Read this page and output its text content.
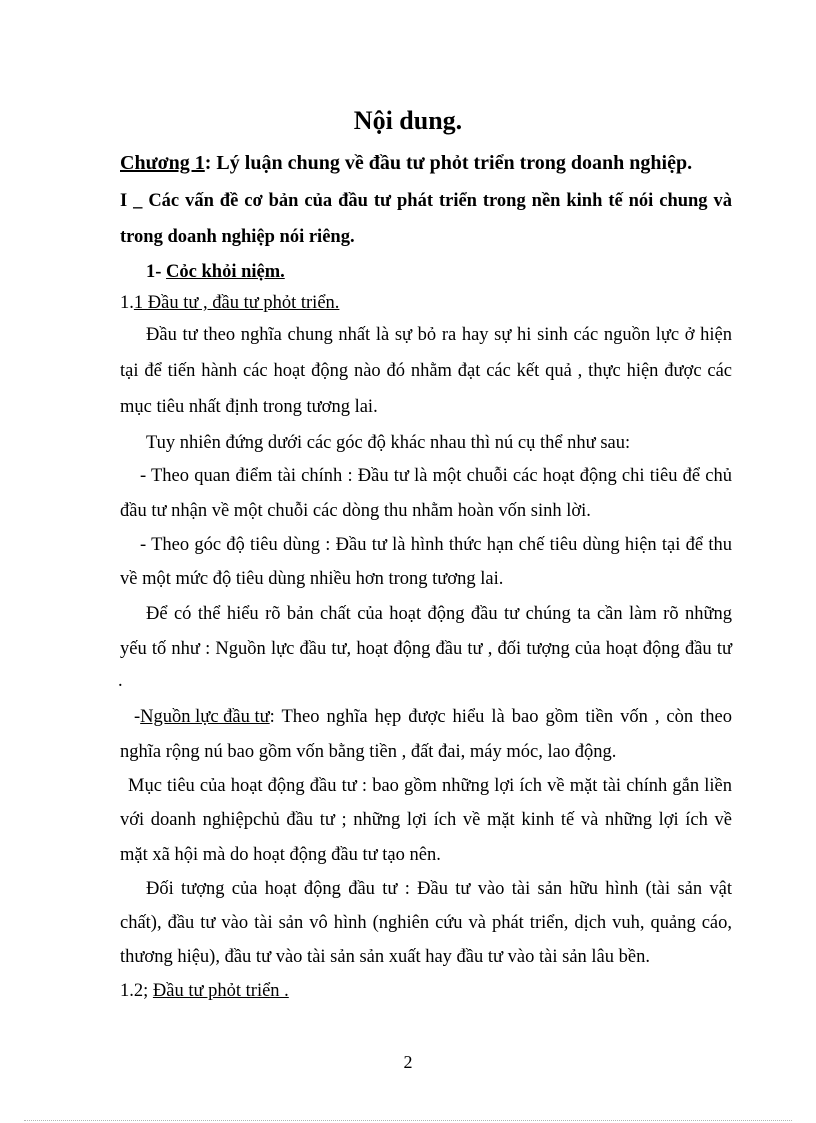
Nội dung.
Chương 1: Lý luận chung về đầu tư phỏt triển trong doanh nghiệp.
I _ Các vấn đề cơ bản của đầu tư phát triển trong nền kinh tế nói chung và
trong doanh nghiệp nói riêng.
1- Cỏc khỏi niệm.
1.1 Đầu tư , đầu tư phỏt triển.
Đầu tư theo nghĩa chung nhất là sự bỏ ra hay sự hi sinh các nguồn lực ở hiện
tại để tiến hành các hoạt động nào đó nhằm đạt các kết quả , thực hiện được các
mục tiêu nhất định trong tương lai.
Tuy nhiên đứng dưới các góc độ khác nhau thì nú cụ thể như sau:
- Theo quan điểm tài chính : Đầu tư là một chuỗi các hoạt động chi tiêu để chủ
đầu tư nhận về một chuỗi các dòng thu nhằm hoàn vốn sinh lời.
- Theo góc độ tiêu dùng : Đầu tư là hình thức hạn chế tiêu dùng hiện tại để thu
về một mức độ tiêu dùng nhiều hơn trong tương lai.
Để có thể hiểu rõ bản chất của hoạt động đầu tư chúng ta cần làm rõ những
yếu tố như : Nguồn lực đầu tư, hoạt động đầu tư , đối tượng của hoạt động đầu tư
.
-Nguồn lực đầu tư : Theo nghĩa hẹp được hiểu là bao gồm tiền vốn , còn theo
nghĩa rộng nú bao gồm vốn bằng tiền , đất đai, máy móc, lao động.
Mục tiêu của hoạt động đầu tư : bao gồm những lợi ích về mặt tài chính gắn liền
với doanh nghiệpchủ đầu tư ; những lợi ích về mặt kinh tế và những lợi ích về
mặt xã hội mà do hoạt động đầu tư tạo nên.
Đối tượng của hoạt động đầu tư : Đầu tư vào tài sản hữu hình (tài sản vật
chất), đầu tư vào tài sản vô hình (nghiên cứu và phát triển, dịch vuh, quảng cáo,
thương hiệu), đầu tư vào tài sản sản xuất hay đầu tư vào tài sản lâu bền.
1.2; Đầu tư phỏt triển .
2
